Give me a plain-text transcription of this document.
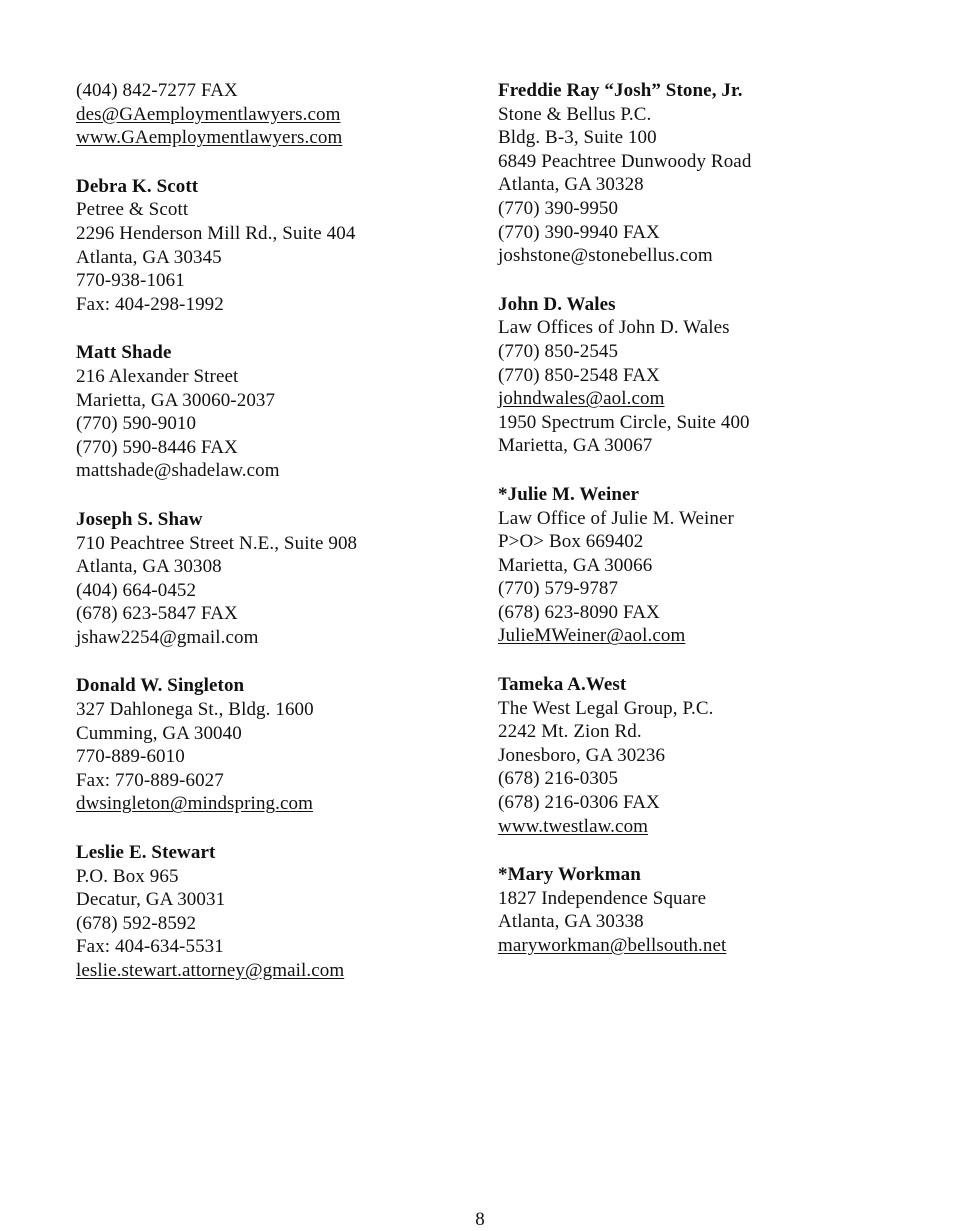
(404) 842-7277 FAX
des@GAemploymentlawyers.com
www.GAemploymentlawyers.com
Debra K. Scott
Petree & Scott
2296 Henderson Mill Rd., Suite 404
Atlanta, GA 30345
770-938-1061
Fax: 404-298-1992
Matt Shade
216 Alexander Street
Marietta, GA 30060-2037
(770) 590-9010
(770) 590-8446 FAX
mattshade@shadelaw.com
Joseph S. Shaw
710 Peachtree Street N.E., Suite 908
Atlanta, GA 30308
(404) 664-0452
(678) 623-5847 FAX
jshaw2254@gmail.com
Donald W. Singleton
327 Dahlonega St., Bldg. 1600
Cumming, GA 30040
770-889-6010
Fax: 770-889-6027
dwsingleton@mindspring.com
Leslie E. Stewart
P.O. Box 965
Decatur, GA 30031
(678) 592-8592
Fax: 404-634-5531
leslie.stewart.attorney@gmail.com
Freddie Ray “Josh” Stone, Jr.
Stone & Bellus P.C.
Bldg. B-3, Suite 100
6849 Peachtree Dunwoody Road
Atlanta, GA 30328
(770) 390-9950
(770) 390-9940 FAX
joshstone@stonebellus.com
John D. Wales
Law Offices of John D. Wales
(770) 850-2545
(770) 850-2548 FAX
johndwales@aol.com
1950 Spectrum Circle, Suite 400
Marietta, GA 30067
*Julie M. Weiner
Law Office of Julie M. Weiner
P>O> Box 669402
Marietta, GA 30066
(770) 579-9787
(678) 623-8090 FAX
JulieMWeiner@aol.com
Tameka A.West
The West Legal Group, P.C.
2242 Mt. Zion Rd.
Jonesboro, GA 30236
(678) 216-0305
(678) 216-0306 FAX
www.twestlaw.com
*Mary Workman
1827 Independence Square
Atlanta, GA 30338
maryworkman@bellsouth.net
8
